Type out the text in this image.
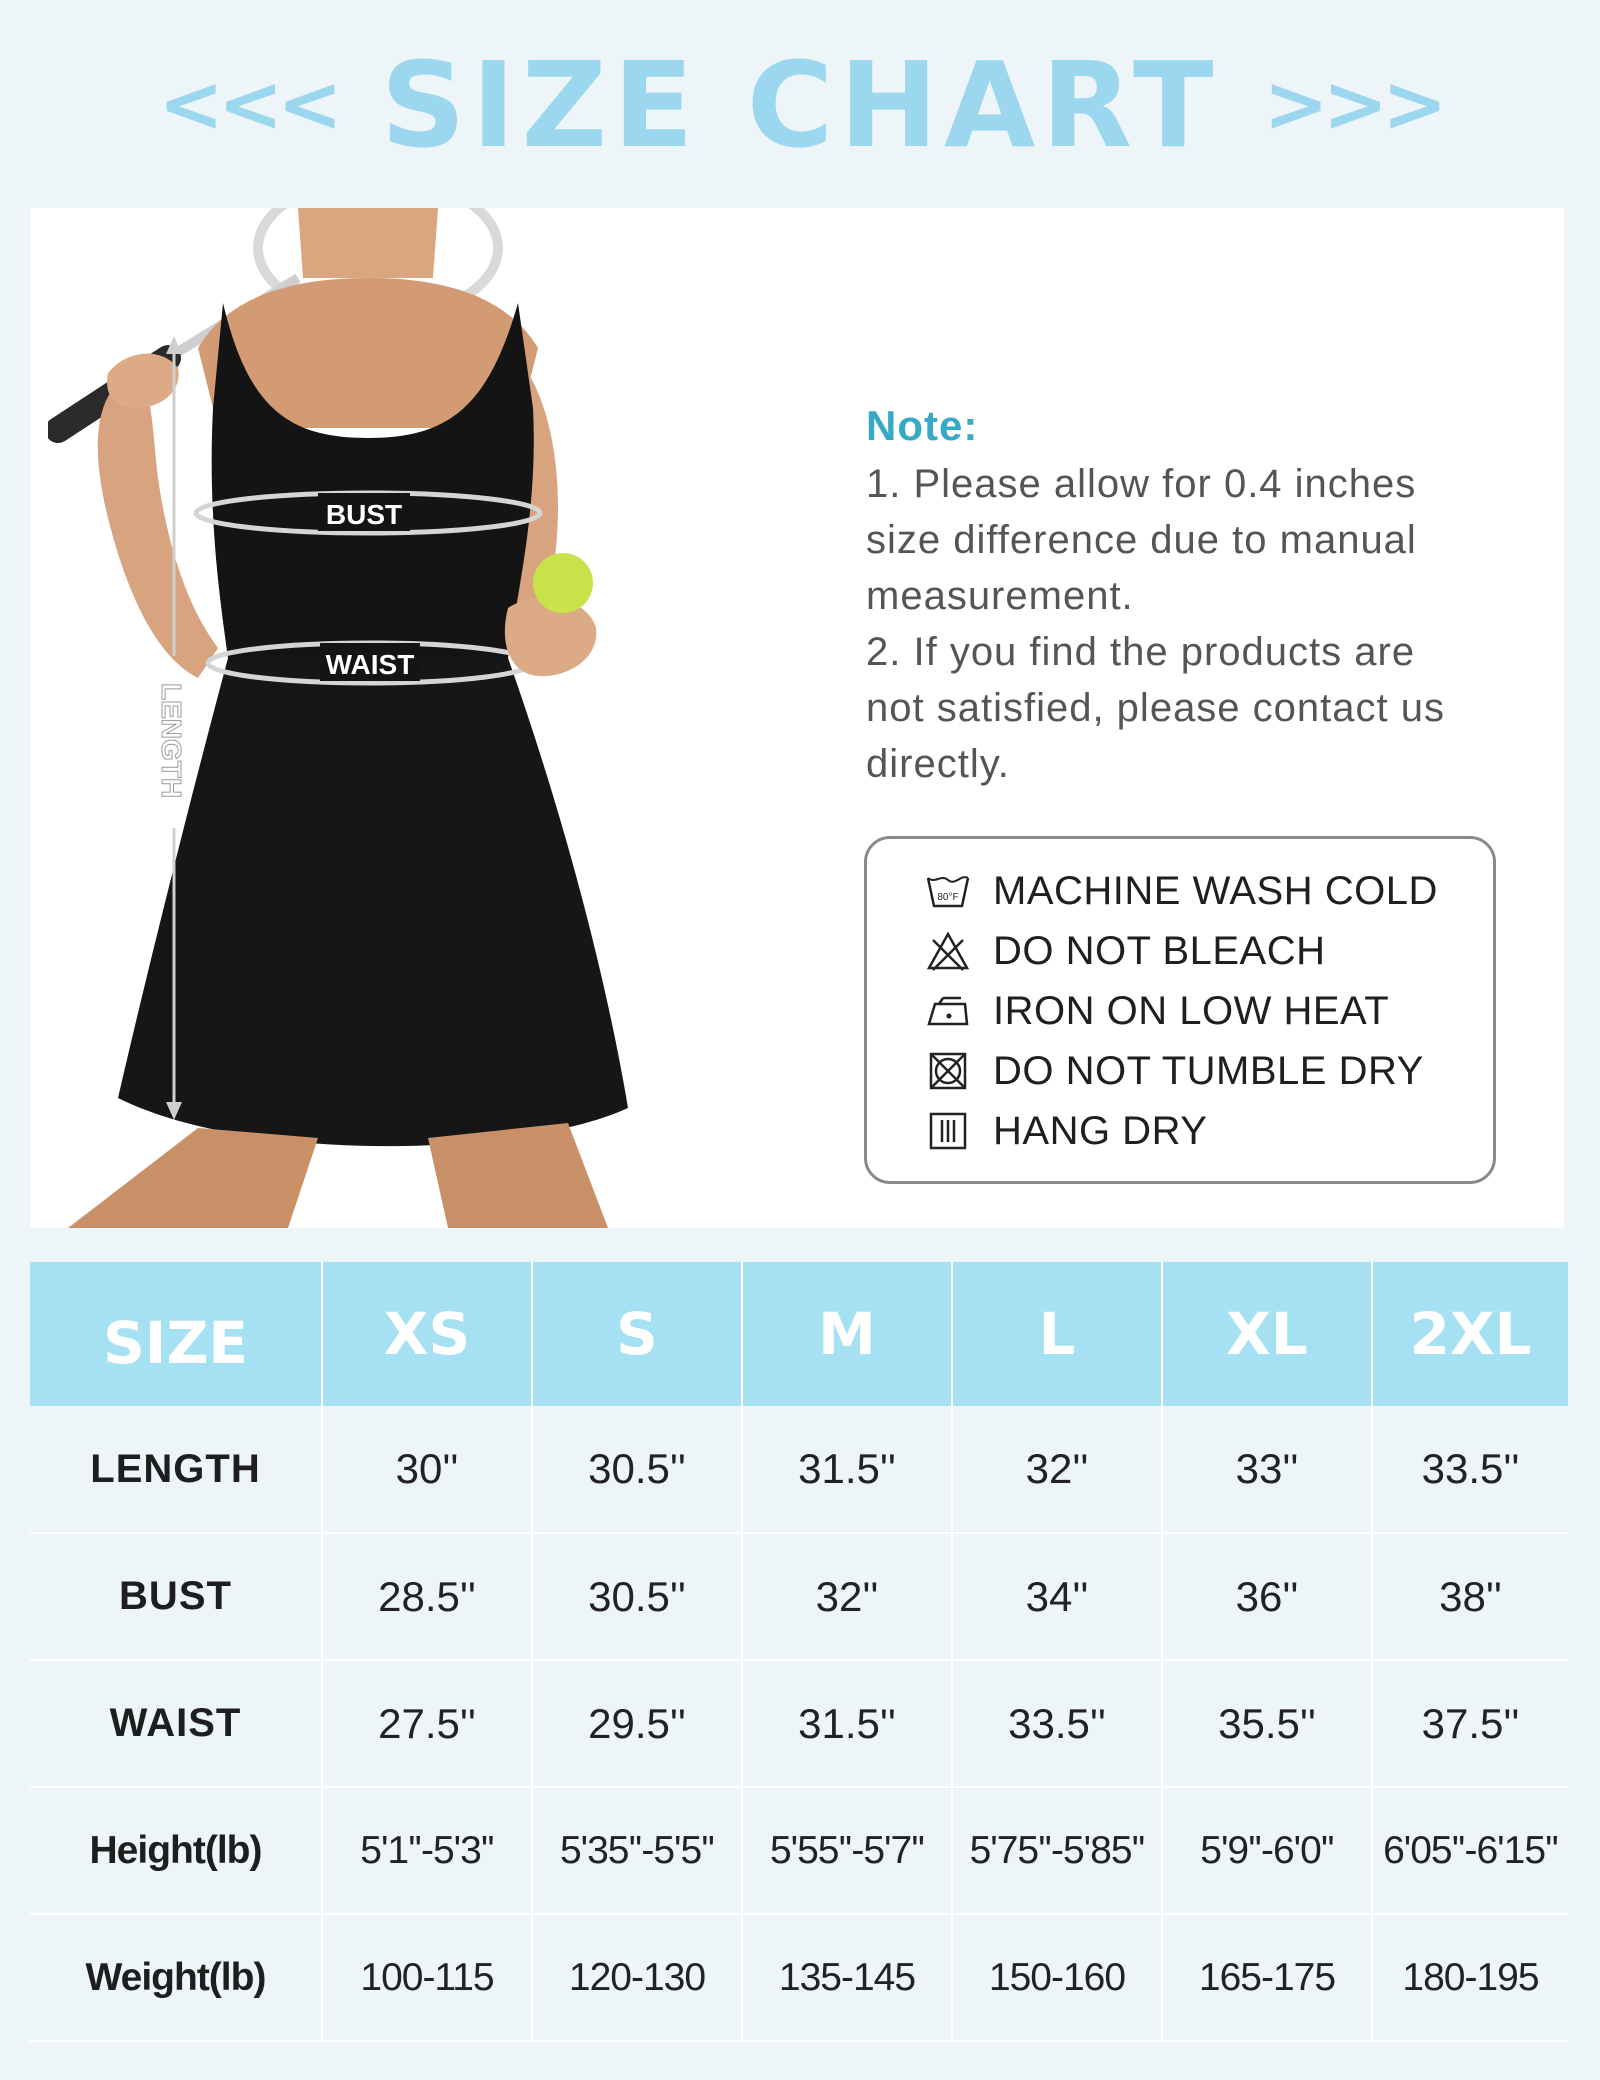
<<< SIZE CHART >>>
BUST
WAIST
LENGTH
Note:
1. Please allow for 0.4 inches
size difference due to manual
measurement.
2. If you find the products are
not satisfied, please contact us
directly.
80°F MACHINE WASH COLD
DO NOT BLEACH
IRON ON LOW HEAT
DO NOT TUMBLE DRY
HANG DRY
SIZE	XS	S	M	L	XL	2XL
LENGTH	30''	30.5''	31.5''	32''	33''	33.5''
BUST	28.5''	30.5''	32''	34''	36''	38''
WAIST	27.5''	29.5''	31.5''	33.5''	35.5''	37.5''
Height(lb)	5'1''-5'3''	5'35''-5'5''	5'55''-5'7''	5'75''-5'85''	5'9''-6'0''	6'05''-6'15''
Weight(lb)	100-115	120-130	135-145	150-160	165-175	180-195
